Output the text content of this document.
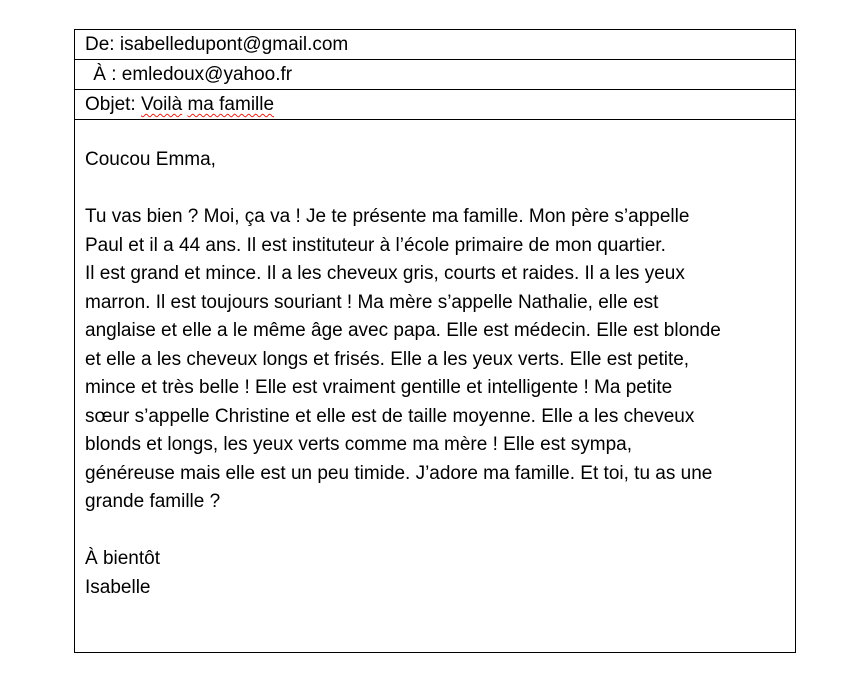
De: isabelledupont@gmail.com
À : emledoux@yahoo.fr
Objet: Voilà ma famille

Coucou Emma,

Tu vas bien ? Moi, ça va ! Je te présente ma famille. Mon père s’appelle
Paul et il a 44 ans. Il est instituteur à l’école primaire de mon quartier.
Il est grand et mince. Il a les cheveux gris, courts et raides. Il a les yeux
marron. Il est toujours souriant ! Ma mère s’appelle Nathalie, elle est
anglaise et elle a le même âge avec papa. Elle est médecin. Elle est blonde
et elle a les cheveux longs et frisés. Elle a les yeux verts. Elle est petite,
mince et très belle ! Elle est vraiment gentille et intelligente ! Ma petite
sœur s’appelle Christine et elle est de taille moyenne. Elle a les cheveux
blonds et longs, les yeux verts comme ma mère ! Elle est sympa,
généreuse mais elle est un peu timide. J’adore ma famille. Et toi, tu as une
grande famille ?

À bientôt

Isabelle
